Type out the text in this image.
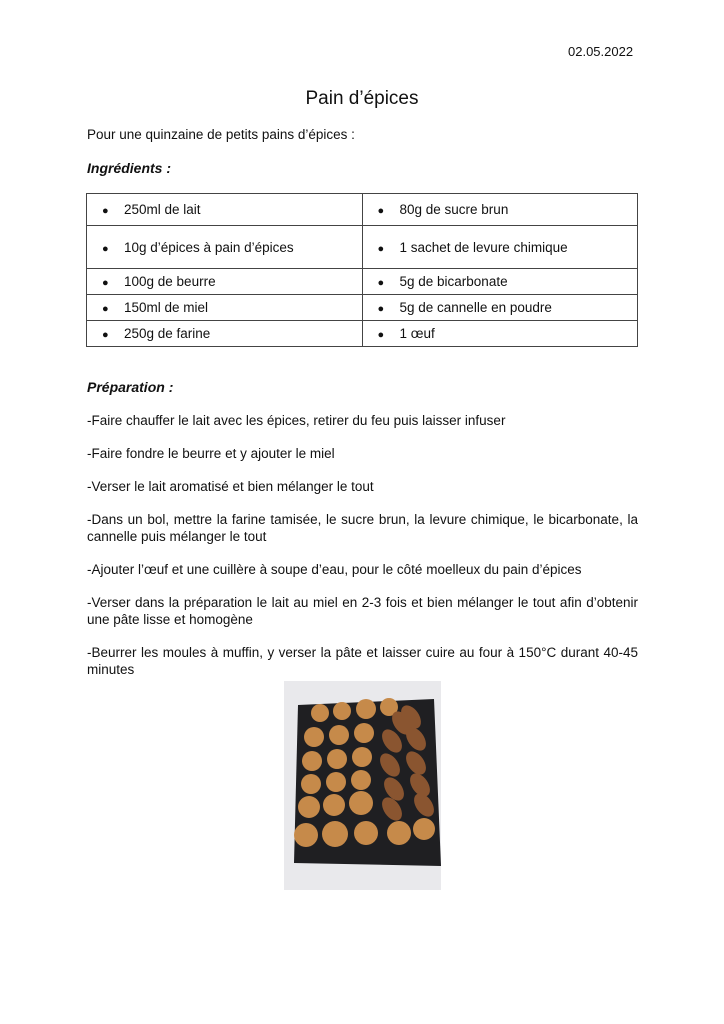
02.05.2022
Pain d’épices
Pour une quinzaine de petits pains d’épices :
Ingrédients :
● 250ml de lait	● 80g de sucre brun
● 10g d’épices à pain d’épices	● 1 sachet de levure chimique
● 100g de beurre	● 5g de bicarbonate
● 150ml de miel	● 5g de cannelle en poudre
● 250g de farine	● 1 œuf
Préparation :

-Faire chauffer le lait avec les épices, retirer du feu puis laisser infuser

-Faire fondre le beurre et y ajouter le miel

-Verser le lait aromatisé et bien mélanger le tout

-Dans un bol, mettre la farine tamisée, le sucre brun, la levure chimique, le bicarbonate, la cannelle puis mélanger le tout

-Ajouter l’œuf et une cuillère à soupe d’eau, pour le côté moelleux du pain d’épices

-Verser dans la préparation le lait au miel en 2-3 fois et bien mélanger le tout afin d’obtenir une pâte lisse et homogène

-Beurrer les moules à muffin, y verser la pâte et laisser cuire au four à 150°C durant 40-45 minutes
